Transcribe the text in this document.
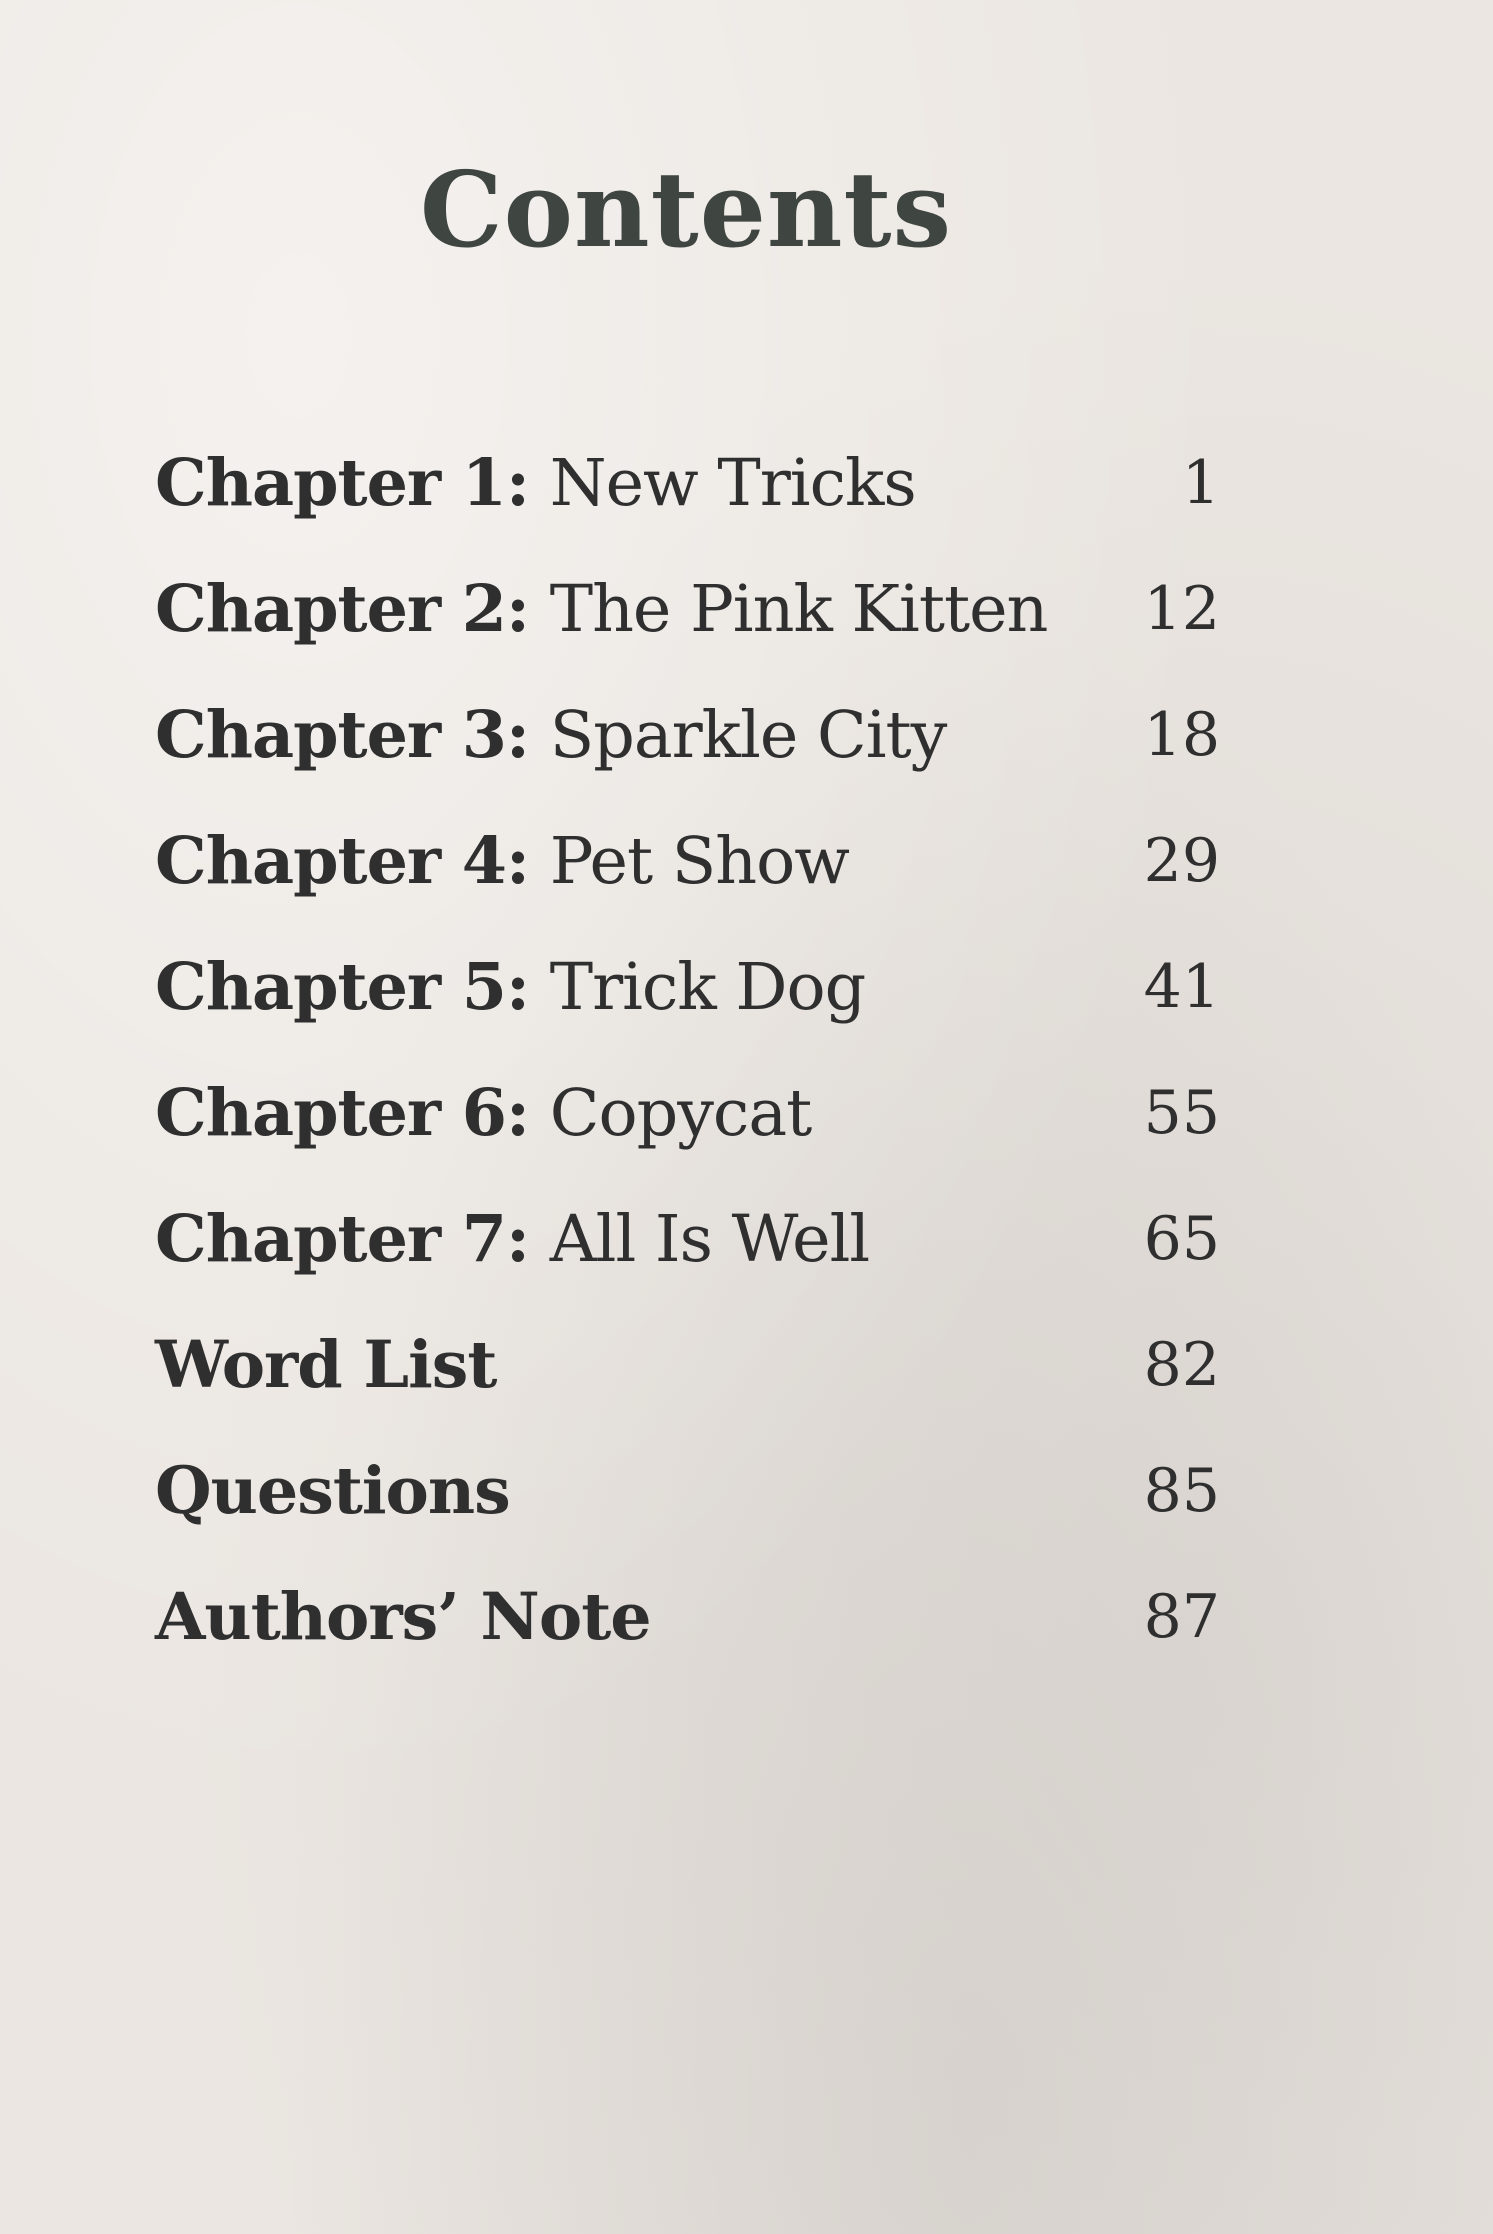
Contents
Chapter 1: New Tricks	1
Chapter 2: The Pink Kitten	12
Chapter 3: Sparkle City	18
Chapter 4: Pet Show	29
Chapter 5: Trick Dog	41
Chapter 6: Copycat	55
Chapter 7: All Is Well	65
Word List	82
Questions	85
Authors’ Note	87
